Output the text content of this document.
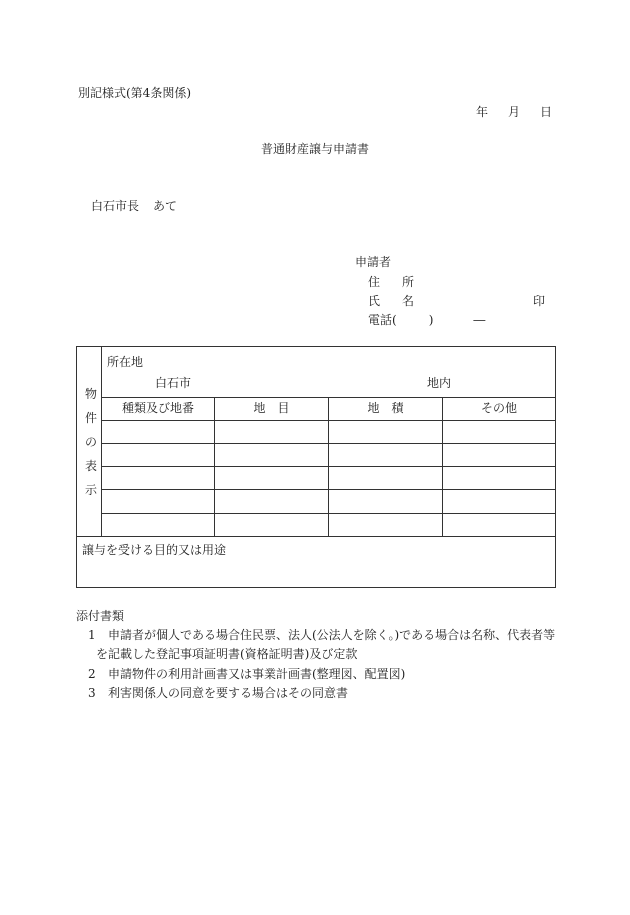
別記様式(第4条関係)
年 月 日
普通財産譲与申請書
白石市長 あて
申請者
住 所
氏 名	印
電話(	)	―
物
件
の
表
示
所在地
白石市	地内
種類及び地番	地　目	地　積	その他
譲与を受ける目的又は用途
添付書類
1 申請者が個人である場合住民票、法人(公法人を除く。)である場合は名称、代表者等
を記載した登記事項証明書(資格証明書)及び定款
2 申請物件の利用計画書又は事業計画書(整理図、配置図)
3 利害関係人の同意を要する場合はその同意書
